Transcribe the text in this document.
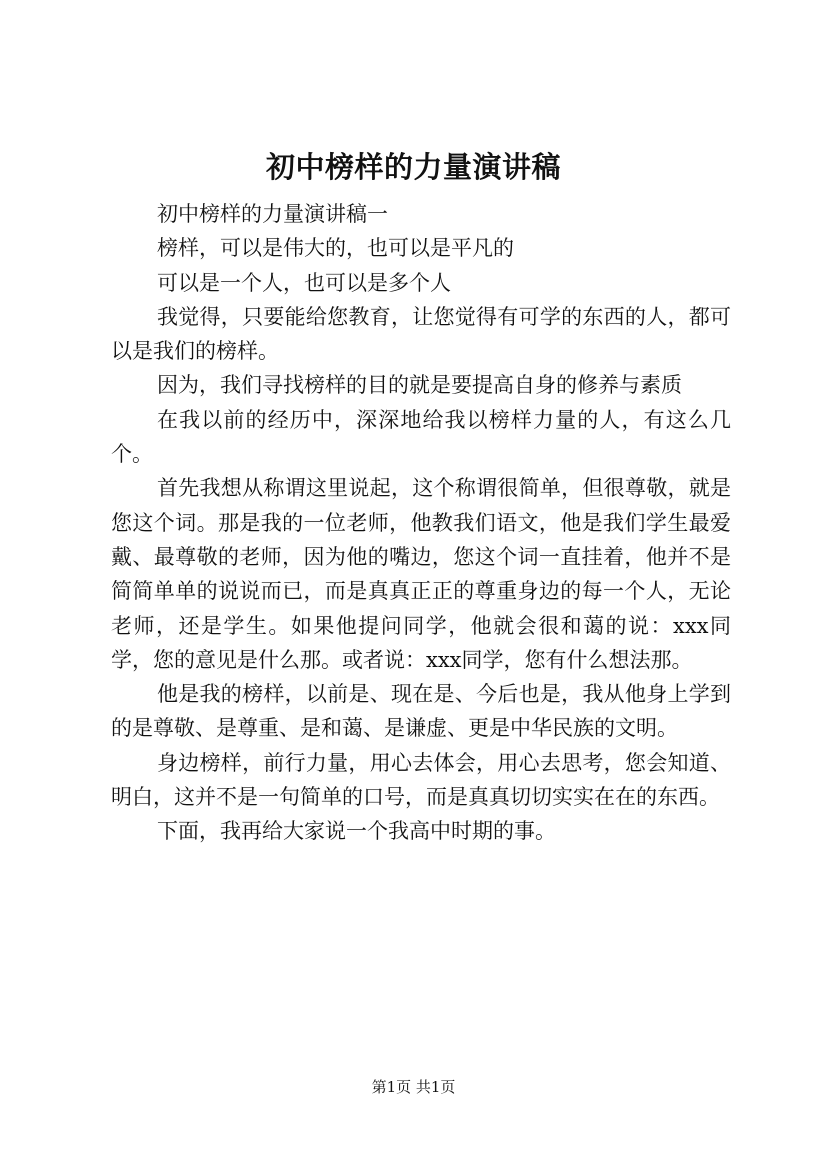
初中榜样的力量演讲稿

初中榜样的力量演讲稿一

榜样，可以是伟大的，也可以是平凡的

可以是一个人，也可以是多个人

我觉得，只要能给您教育，让您觉得有可学的东西的人，都可以是我们的榜样。

因为，我们寻找榜样的目的就是要提高自身的修养与素质

在我以前的经历中，深深地给我以榜样力量的人，有这么几个。

首先我想从称谓这里说起，这个称谓很简单，但很尊敬，就是您这个词。那是我的一位老师，他教我们语文，他是我们学生最爱戴、最尊敬的老师，因为他的嘴边，您这个词一直挂着，他并不是简简单单的说说而已，而是真真正正的尊重身边的每一个人，无论老师，还是学生。如果他提问同学，他就会很和蔼的说：xxx同学，您的意见是什么那。或者说：xxx同学，您有什么想法那。

他是我的榜样，以前是、现在是、今后也是，我从他身上学到的是尊敬、是尊重、是和蔼、是谦虚、更是中华民族的文明。

身边榜样，前行力量，用心去体会，用心去思考，您会知道、明白，这并不是一句简单的口号，而是真真切切实实在在的东西。

下面，我再给大家说一个我高中时期的事。

第1页 共1页
